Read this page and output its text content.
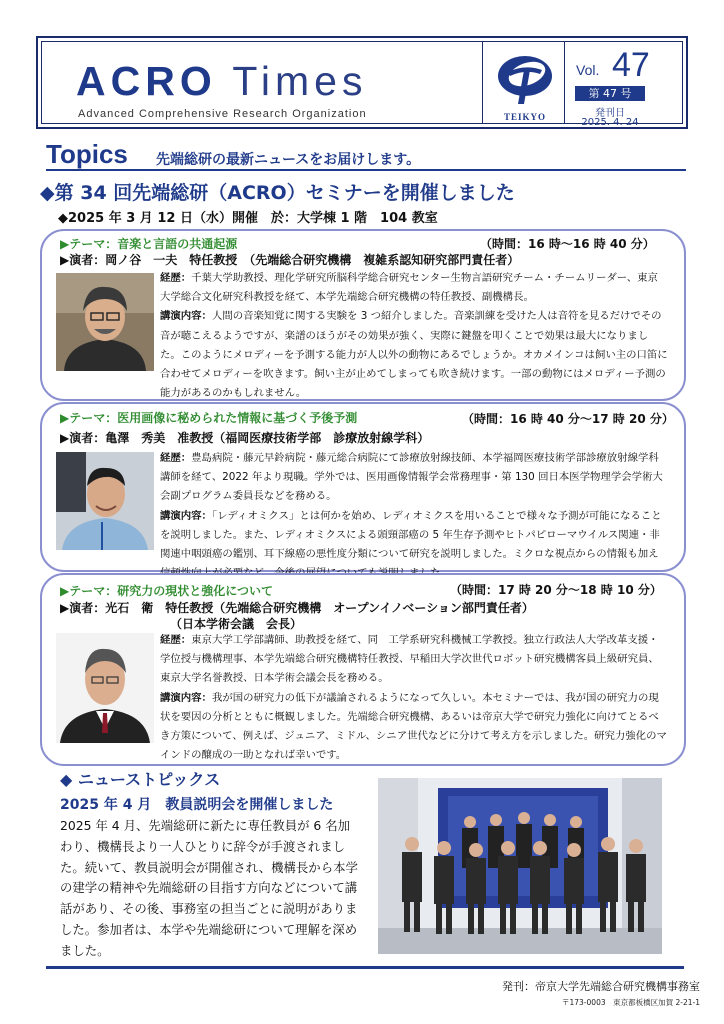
ACRO Times
Advanced Comprehensive Research Organization	TEIKYO
Vol. 47
第 47 号
発刊日
2025. 4. 24
Topics 先端総研の最新ニュースをお届けします。
◆第 34 回先端総研（ACRO）セミナーを開催しました
◆2025 年 3 月 12 日（水）開催　於：大学棟 1 階　104 教室
▶テーマ：音楽と言語の共通起源	（時間：16 時～16 時 40 分）
▶演者：岡ノ谷　一夫　特任教授　（先端総合研究機構　複雑系認知研究部門責任者）
経歴：千葉大学助教授、理化学研究所脳科学総合研究センター生物言語研究チーム・チームリーダー、東京大学総合文化研究科教授を経て、本学先端総合研究機構の特任教授、副機構長。
講演内容：人間の音楽知覚に関する実験を 3 つ紹介しました。音楽訓練を受けた人は音符を見るだけでその音が聴こえるようですが、楽譜のほうがその効果が強く、実際に鍵盤を叩くことで効果は最大になりました。このようにメロディーを予測する能力が人以外の動物にあるでしょうか。オカメインコは飼い主の口笛に合わせてメロディーを吹きます。飼い主が止めてしまっても吹き続けます。一部の動物にはメロディー予測の能力があるのかもしれません。
▶テーマ：医用画像に秘められた情報に基づく予後予測	（時間：16 時 40 分～17 時 20 分）
▶演者：亀澤　秀美　准教授（福岡医療技術学部　診療放射線学科）
経歴：豊島病院・藤元早鈴病院・藤元総合病院にて診療放射線技師、本学福岡医療技術学部診療放射線学科講師を経て、2022 年より現職。学外では、医用画像情報学会常務理事・第 130 回日本医学物理学会学術大会副プログラム委員長などを務める。
講演内容：「レディオミクス」とは何かを始め、レディオミクスを用いることで様々な予測が可能になることを説明しました。また、レディオミクスによる頭頸部癌の 5 年生存予測やヒトパピローマウイルス関連・非関連中咽頭癌の鑑別、耳下線癌の悪性度分類について研究を説明しました。ミクロな視点からの情報も加え
▶テーマ：研究力の現状と強化について	（時間：17 時 20 分～18 時 10 分）
▶演者：光石　衛　特任教授（先端総合研究機構　オープンイノベーション部門責任者）
（日本学術会議　会長）
経歴：東京大学工学部講師、助教授を経て、同　工学系研究科機械工学教授。独立行政法人大学改革支援・学位授与機構理事、本学先端総合研究機構特任教授、早稲田大学次世代ロボット研究機構客員上級研究員、東京大学名誉教授、日本学術会議会長を務める。
講演内容：我が国の研究力の低下が議論されるようになって久しい。本セミナーでは、我が国の研究力の現状を要因の分析とともに概観しました。先端総合研究機構、あるいは帝京大学で研究力強化に向けてとるべき方策について、例えば、ジュニア、ミドル、シニア世代などに分けて考え方を示しました。研究力強化のマインドの醸成の一助となれば幸いです。
◆ ニューストピックス
2025 年 4 月　教員説明会を開催しました
2025 年 4 月、先端総研に新たに専任教員が 6 名加わり、機構長より一人ひとりに辞令が手渡されました。続いて、教員説明会が開催され、機構長から本学の建学の精神や先端総研の目指す方向などについて講話があり、その後、事務室の担当ごとに説明がありました。参加者は、本学や先端総研について理解を深めました。
発刊：帝京大学先端総合研究機構事務室
〒173-0003　東京都板橋区加賀 2-21-1
